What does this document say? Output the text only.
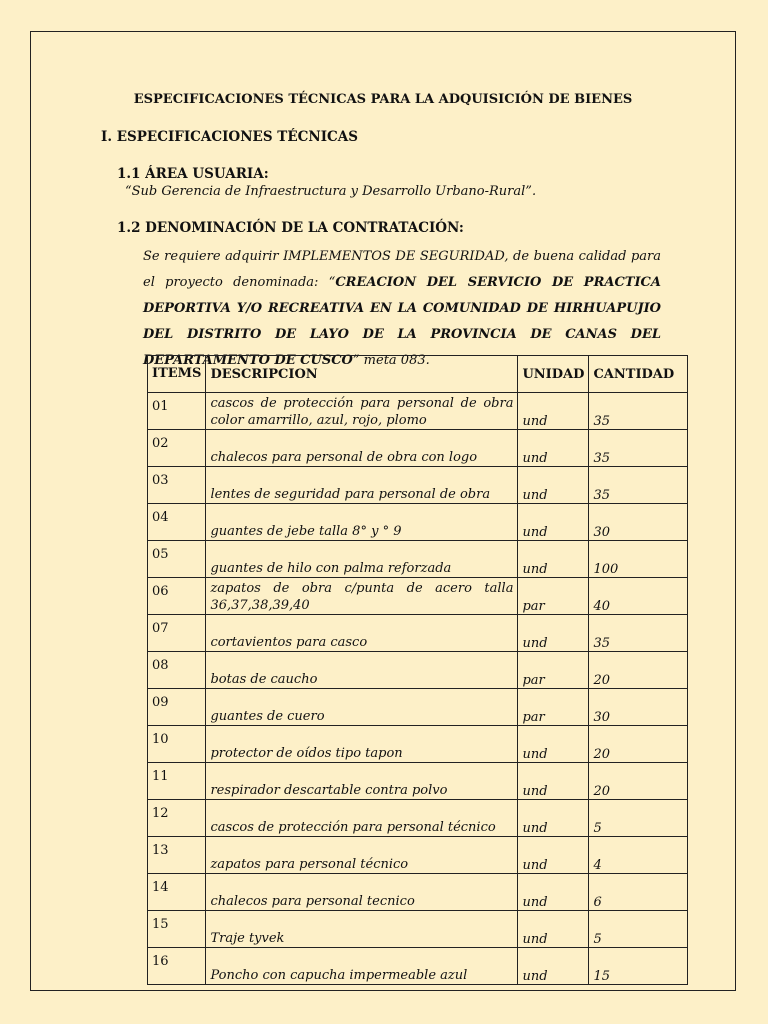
ESPECIFICACIONES TÉCNICAS PARA LA ADQUISICIÓN DE BIENES
I. ESPECIFICACIONES TÉCNICAS
1.1 ÁREA USUARIA:
“Sub Gerencia de Infraestructura y Desarrollo Urbano-Rural”.
1.2 DENOMINACIÓN DE LA CONTRATACIÓN:
Se requiere adquirir IMPLEMENTOS DE SEGURIDAD, de buena calidad para el proyecto denominada: “CREACION DEL SERVICIO DE PRACTICA DEPORTIVA Y/O RECREATIVA EN LA COMUNIDAD DE HIRHUAPUJIO DEL DISTRITO DE LAYO DE LA PROVINCIA DE CANAS DEL DEPARTAMENTO DE CUSCO” meta 083.
ITEMS	DESCRIPCION	UNIDAD	CANTIDAD
01	cascos de protección para personal de obra color amarrillo, azul, rojo, plomo	und	35
02	chalecos para personal de obra con logo	und	35
03	lentes de seguridad para personal de obra	und	35
04	guantes de jebe talla 8° y ° 9	und	30
05	guantes de hilo con palma reforzada	und	100
06	zapatos de obra c/punta de acero talla 36,37,38,39,40	par	40
07	cortavientos para casco	und	35
08	botas de caucho	par	20
09	guantes de cuero	par	30
10	protector de oídos tipo tapon	und	20
11	respirador descartable contra polvo	und	20
12	cascos de protección para personal técnico	und	5
13	zapatos para personal técnico	und	4
14	chalecos para personal tecnico	und	6
15	Traje tyvek	und	5
16	Poncho con capucha impermeable azul	und	15
